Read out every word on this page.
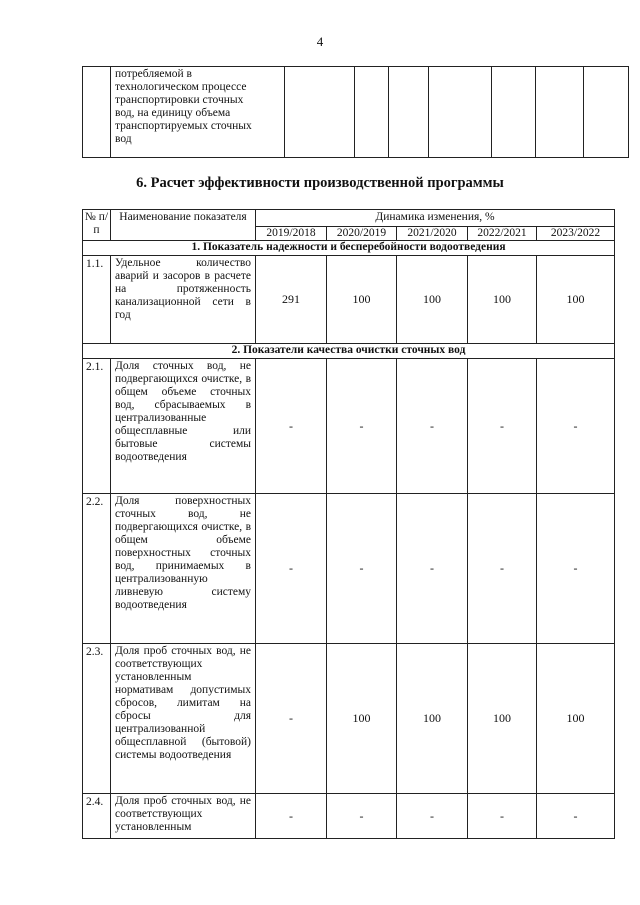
4

потребляемой в
технологическом процессе
транспортировки сточных
вод, на единицу объема
транспортируемых сточных
вод

6. Расчет эффективности производственной программы
№ п/п	Наименование показателя	Динамика изменения, %				
		2019/2018	2020/2019	2021/2020	2022/2021	2023/2022
1. Показатель надежности и бесперебойности водоотведения						
1.1.	Удельное количество аварий и засоров в расчете на протяженность канализационной сети в год	291	100	100	100	100
2. Показатели качества очистки сточных вод						
2.1.	Доля сточных вод, не подвергающихся очистке, в общем объеме сточных вод, сбрасываемых в централизованные общесплавные или бытовые системы водоотведения	-	-	-	-	-
2.2.	Доля поверхностных сточных вод, не подвергающихся очистке, в общем объеме поверхностных сточных вод, принимаемых в централизованную ливневую систему водоотведения	-	-	-	-	-
2.3.	Доля проб сточных вод, не соответствующих установленным нормативам допустимых сбросов, лимитам на сбросы для централизованной общесплавной (бытовой) системы водоотведения	-	100	100	100	100
2.4.	Доля проб сточных вод, не соответствующих установленным	-	-	-	-	-
